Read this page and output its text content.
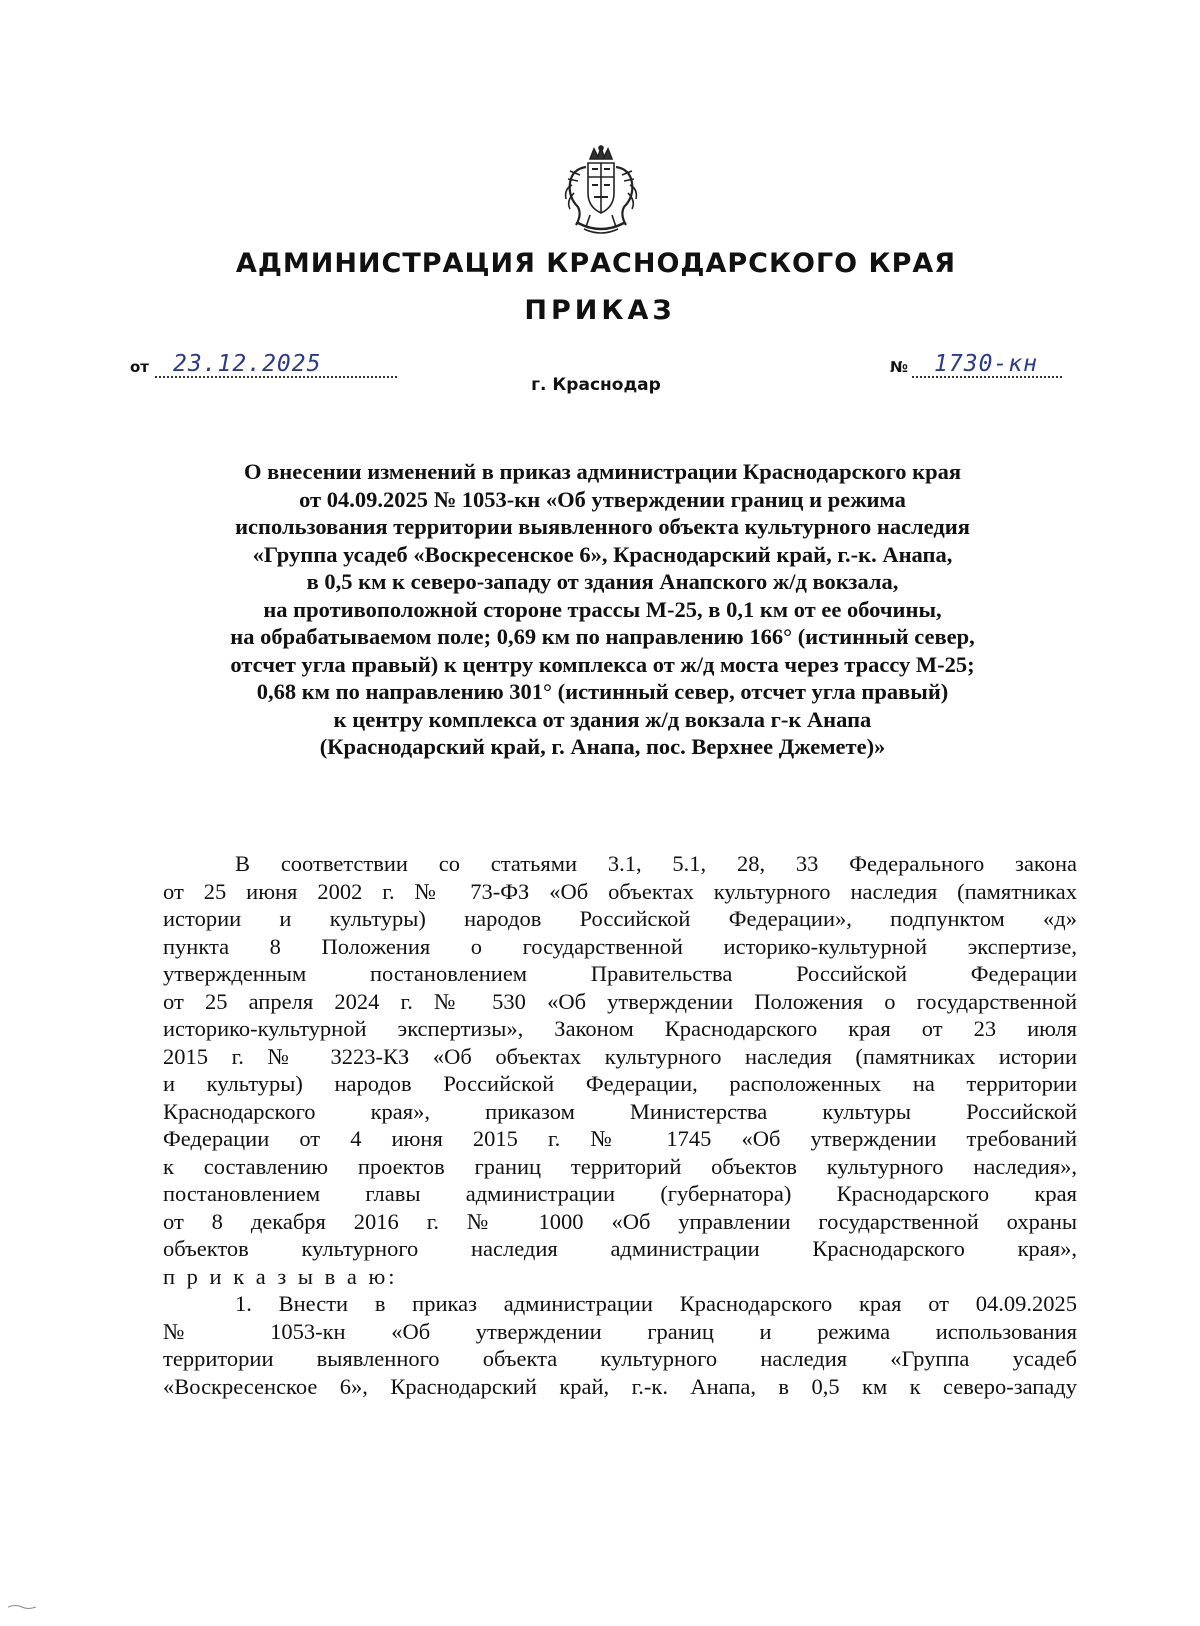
АДМИНИСТРАЦИЯ КРАСНОДАРСКОГО КРАЯ
ПРИКАЗ
от	23.12.2025	№	1730-кн
г. Краснодар
О внесении изменений в приказ администрации Краснодарского края
от 04.09.2025 № 1053-кн «Об утверждении границ и режима
использования территории выявленного объекта культурного наследия
«Группа усадеб «Воскресенское 6», Краснодарский край, г.-к. Анапа,
в 0,5 км к северо-западу от здания Анапского ж/д вокзала,
на противоположной стороне трассы М-25, в 0,1 км от ее обочины,
на обрабатываемом поле; 0,69 км по направлению 166° (истинный север,
отсчет угла правый) к центру комплекса от ж/д моста через трассу М-25;
0,68 км по направлению 301° (истинный север, отсчет угла правый)
к центру комплекса от здания ж/д вокзала г-к Анапа
(Краснодарский край, г. Анапа, пос. Верхнее Джемете)»
В соответствии со статьями 3.1, 5.1, 28, 33 Федерального закона
от 25 июня 2002 г. № 73-ФЗ «Об объектах культурного наследия (памятниках
истории и культуры) народов Российской Федерации», подпунктом «д»
пункта 8 Положения о государственной историко-культурной экспертизе,
утвержденным постановлением Правительства Российской Федерации
от 25 апреля 2024 г. № 530 «Об утверждении Положения о государственной
историко-культурной экспертизы», Законом Краснодарского края от 23 июля
2015 г. № 3223-КЗ «Об объектах культурного наследия (памятниках истории
и культуры) народов Российской Федерации, расположенных на территории
Краснодарского края», приказом Министерства культуры Российской
Федерации от 4 июня 2015 г. № 1745 «Об утверждении требований
к составлению проектов границ территорий объектов культурного наследия»,
постановлением главы администрации (губернатора) Краснодарского края
от 8 декабря 2016 г. № 1000 «Об управлении государственной охраны
объектов культурного наследия администрации Краснодарского края»,
п р и к а з ы в а ю:
1. Внести в приказ администрации Краснодарского края от 04.09.2025
№ 1053-кн «Об утверждении границ и режима использования
территории выявленного объекта культурного наследия «Группа усадеб
«Воскресенское 6», Краснодарский край, г.-к. Анапа, в 0,5 км к северо-западу
